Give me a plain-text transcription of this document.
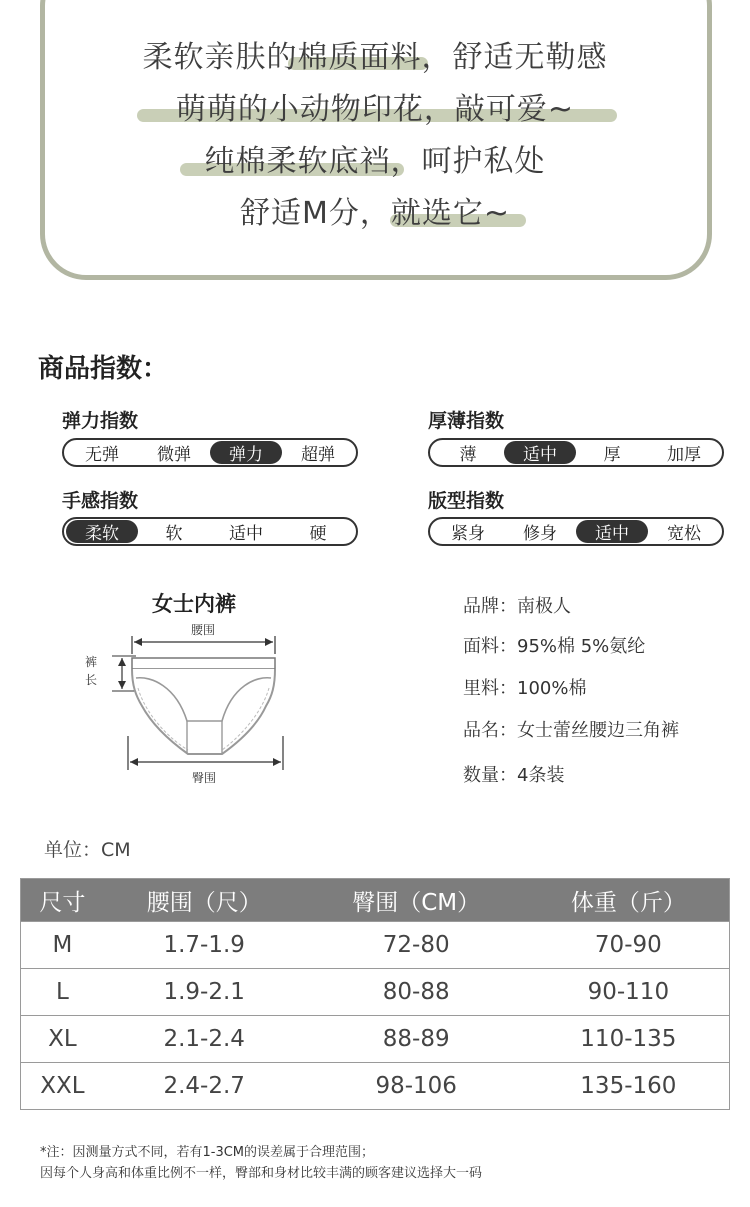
柔软亲肤的棉质面料，舒适无勒感
萌萌的小动物印花，敲可爱~
纯棉柔软底裆，呵护私处
舒适M分，就选它~
商品指数：
弹力指数
无弹	微弹	弹力	超弹
厚薄指数
薄	适中	厚	加厚
手感指数
柔软	软	适中	硬
版型指数
紧身	修身	适中	宽松
女士内裤
腰围
裤
长
臀围
品牌：南极人
面料：95%棉 5%氨纶
里料：100%棉
品名：女士蕾丝腰边三角裤
数量：4条装
单位：CM
尺寸	腰围（尺）	臀围（CM）	体重（斤）
M	1.7-1.9	72-80	70-90
L	1.9-2.1	80-88	90-110
XL	2.1-2.4	88-89	110-135
XXL	2.4-2.7	98-106	135-160
*注：因测量方式不同，若有1-3CM的误差属于合理范围；
因每个人身高和体重比例不一样，臀部和身材比较丰满的顾客建议选择大一码
